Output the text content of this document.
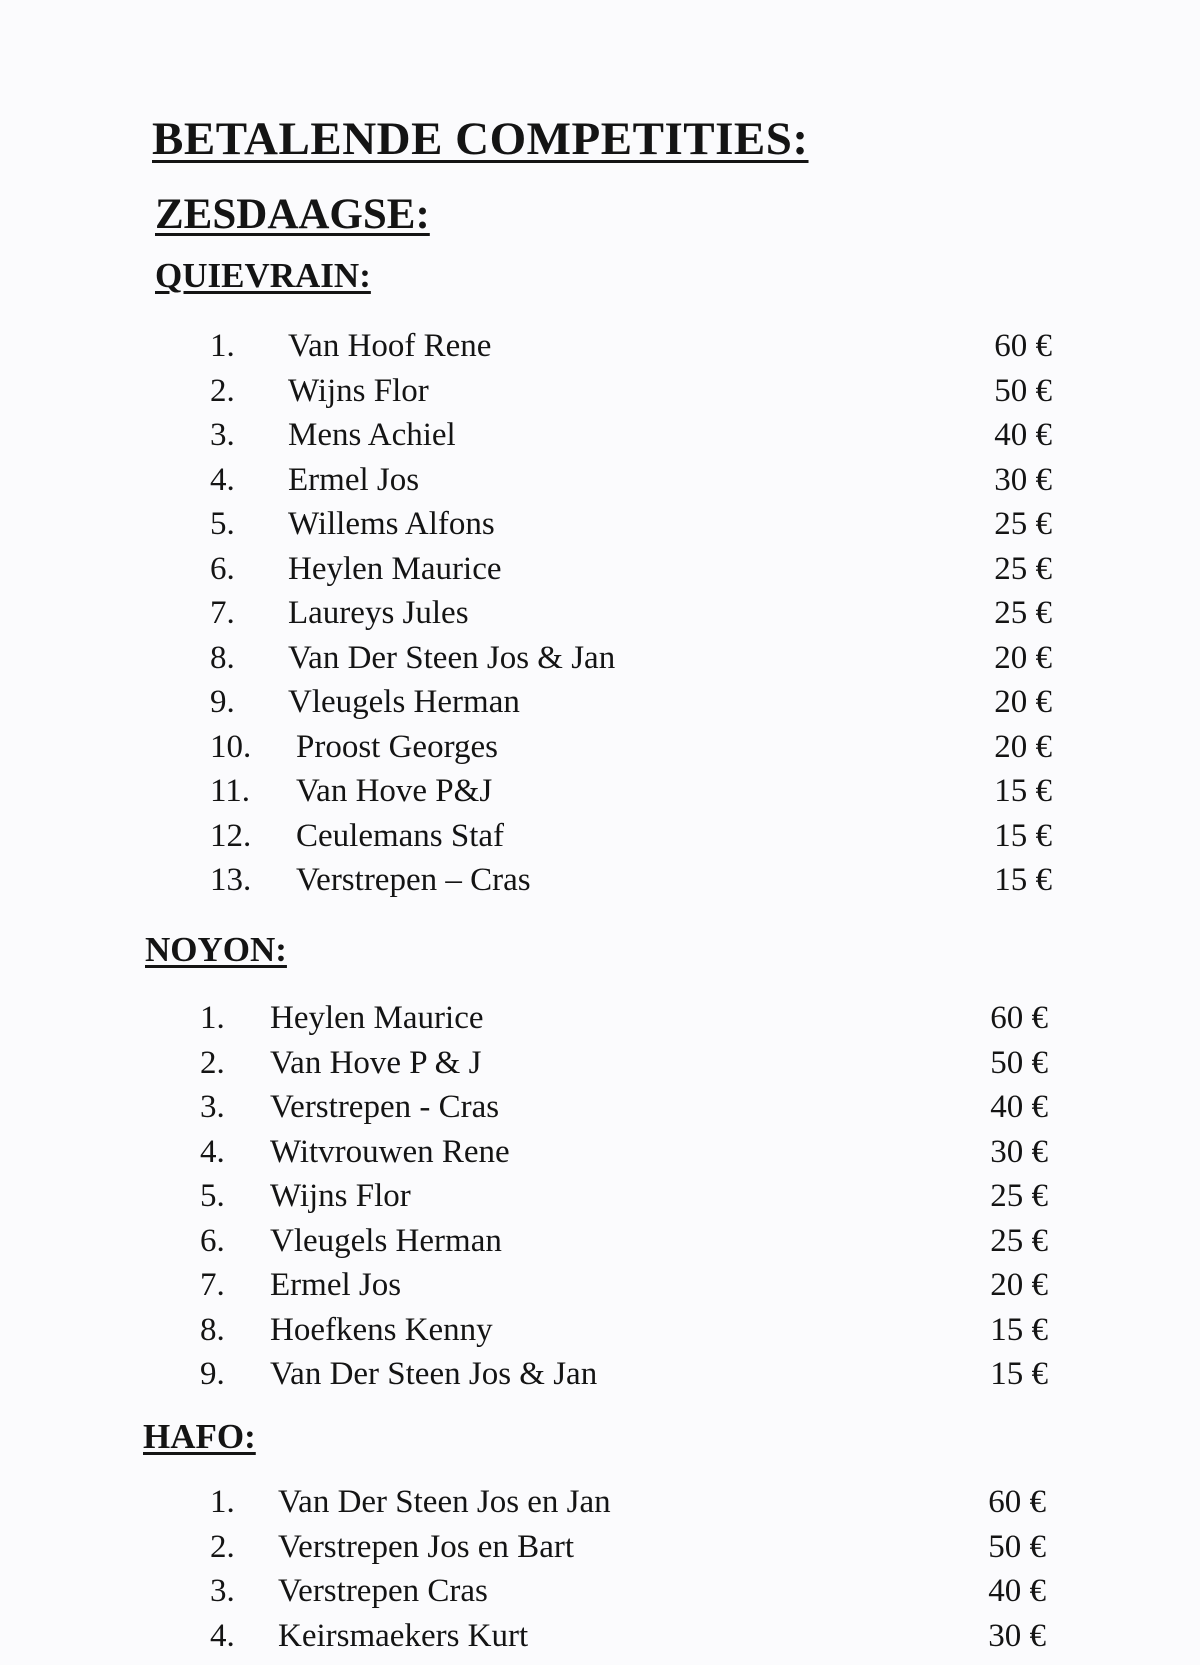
BETALENDE COMPETITIES:
ZESDAAGSE:
QUIEVRAIN:
1. Van Hoof Rene	60 €
2. Wijns Flor	50 €
3. Mens Achiel	40 €
4. Ermel Jos	30 €
5. Willems Alfons	25 €
6. Heylen Maurice	25 €
7. Laureys Jules	25 €
8. Van Der Steen Jos & Jan	20 €
9. Vleugels Herman	20 €
10. Proost Georges	20 €
11. Van Hove P&J	15 €
12. Ceulemans Staf	15 €
13. Verstrepen – Cras	15 €
NOYON:
1. Heylen Maurice	60 €
2. Van Hove P & J	50 €
3. Verstrepen - Cras	40 €
4. Witvrouwen Rene	30 €
5. Wijns Flor	25 €
6. Vleugels Herman	25 €
7. Ermel Jos	20 €
8. Hoefkens Kenny	15 €
9. Van Der Steen Jos & Jan	15 €
HAFO:
1. Van Der Steen Jos en Jan	60 €
2. Verstrepen Jos en Bart	50 €
3. Verstrepen Cras	40 €
4. Keirsmaekers Kurt	30 €
